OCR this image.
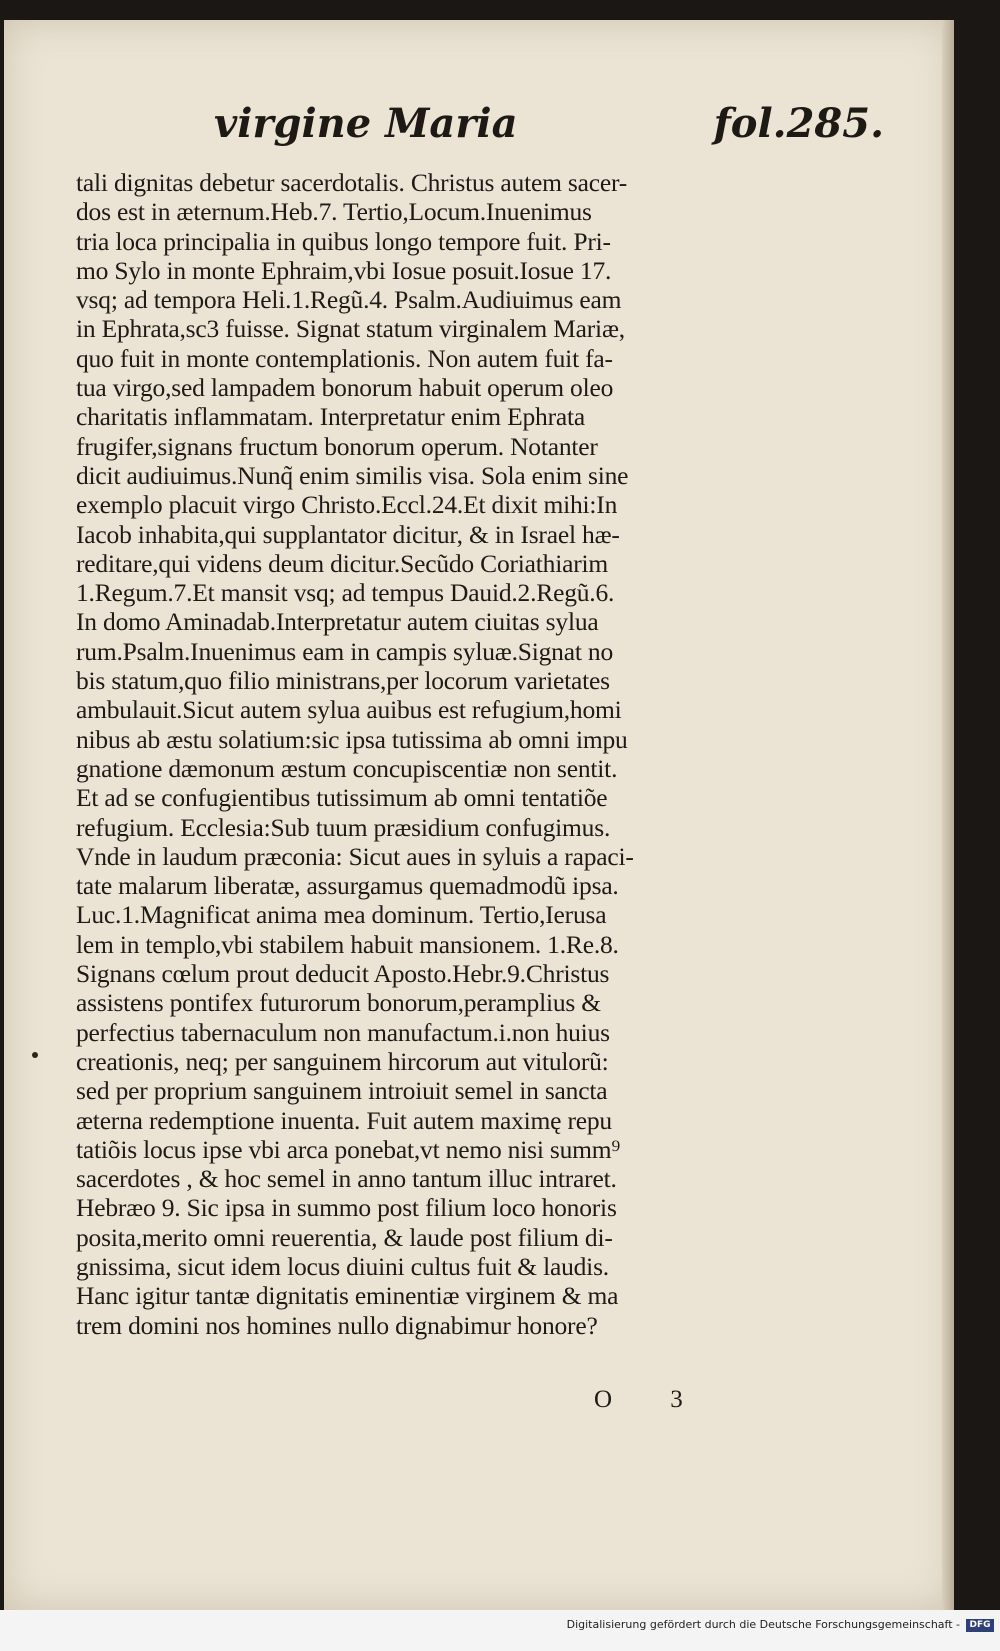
virgine Maria	fol.285.
tali dignitas debetur sacerdotalis. Christus autem sacer-
dos est in æternum.Heb.7. Tertio,Locum.Inuenimus
tria loca principalia in quibus longo tempore fuit. Pri-
mo Sylo in monte Ephraim,vbi Iosue posuit.Iosue 17.
vsq; ad tempora Heli.1.Regũ.4. Psalm.Audiuimus eam
in Ephrata,sc3 fuisse. Signat statum virginalem Mariæ,
quo fuit in monte contemplationis. Non autem fuit fa-
tua virgo,sed lampadem bonorum habuit operum oleo
charitatis inflammatam. Interpretatur enim Ephrata
frugifer,signans fructum bonorum operum. Notanter
dicit audiuimus.Nunq̃ enim similis visa. Sola enim sine
exemplo placuit virgo Christo.Eccl.24.Et dixit mihi:In
Iacob inhabita,qui supplantator dicitur, & in Israel hæ-
reditare,qui videns deum dicitur.Secũdo Coriathiarim
1.Regum.7.Et mansit vsq; ad tempus Dauid.2.Regũ.6.
In domo Aminadab.Interpretatur autem ciuitas sylua
rum.Psalm.Inuenimus eam in campis syluæ.Signat no
bis statum,quo filio ministrans,per locorum varietates
ambulauit.Sicut autem sylua auibus est refugium,homi
nibus ab æstu solatium:sic ipsa tutissima ab omni impu
gnatione dæmonum æstum concupiscentiæ non sentit.
Et ad se confugientibus tutissimum ab omni tentatiõe
refugium. Ecclesia:Sub tuum præsidium confugimus.
Vnde in laudum præconia: Sicut aues in syluis a rapaci-
tate malarum liberatæ, assurgamus quemadmodũ ipsa.
Luc.1.Magnificat anima mea dominum. Tertio,Ierusa
lem in templo,vbi stabilem habuit mansionem. 1.Re.8.
Signans cœlum prout deducit Aposto.Hebr.9.Christus
assistens pontifex futurorum bonorum,peramplius &
perfectius tabernaculum non manufactum.i.non huius
creationis, neq; per sanguinem hircorum aut vitulorũ:
sed per proprium sanguinem introiuit semel in sancta
æterna redemptione inuenta. Fuit autem maximę repu
tatiõis locus ipse vbi arca ponebat,vt nemo nisi summ⁹
sacerdotes , & hoc semel in anno tantum illuc intraret.
Hebræo 9. Sic ipsa in summo post filium loco honoris
posita,merito omni reuerentia, & laude post filium di-
gnissima, sicut idem locus diuini cultus fuit & laudis.
Hanc igitur tantæ dignitatis eminentiæ virginem & ma
trem domini nos homines nullo dignabimur honore?
O 3
Digitalisierung gefördert durch die Deutsche Forschungsgemeinschaft -	DFG
